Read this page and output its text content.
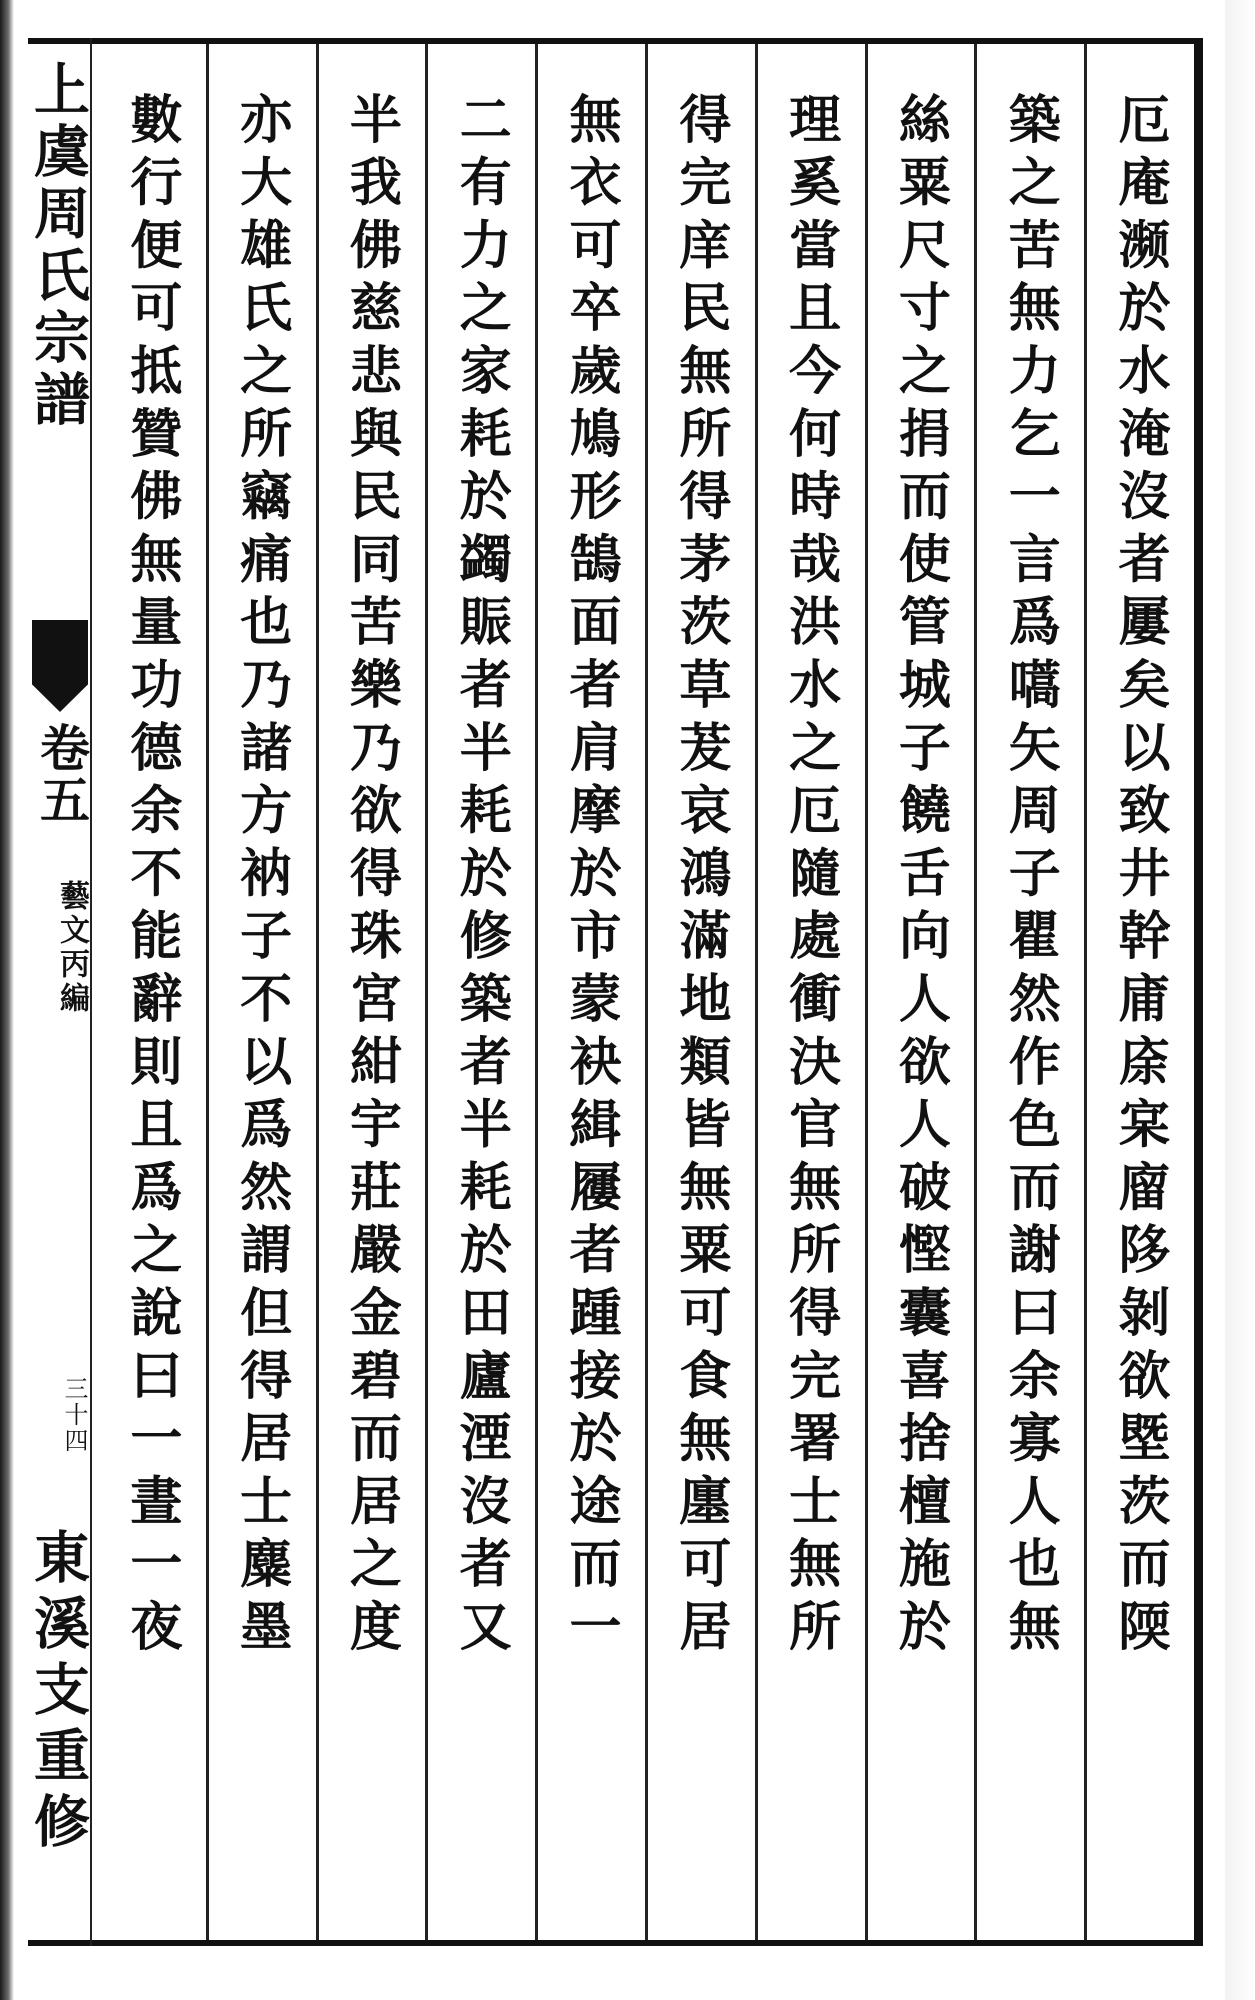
上虞周氏宗譜
卷五
藝文丙編
三十四
東溪支重修
厄庵濒於水淹沒者屢矣以致井幹庯庩宲廇陊剝欲塈茨而陾
築之苦無力乞一言爲嚆矢周子瞿然作色而謝曰余寡人也無
絲粟尺寸之捐而使管城子饒舌向人欲人破慳囊喜捨檀施於
理奚當且今何時哉洪水之厄隨處衝決官無所得完署士無所
得完庠民無所得茅茨草茇哀鴻滿地類皆無粟可食無廛可居
無衣可卒歲鳩形鵠面者肩摩於市蒙袂緝屨者踵接於途而一
二有力之家耗於蠲賑者半耗於修築者半耗於田廬湮沒者又
半我佛慈悲與民同苦樂乃欲得珠宮紺宇莊嚴金碧而居之度
亦大雄氏之所竊痛也乃諸方衲子不以爲然謂但得居士麋墨
數行便可抵贊佛無量功德余不能辭則且爲之說曰一晝一夜
